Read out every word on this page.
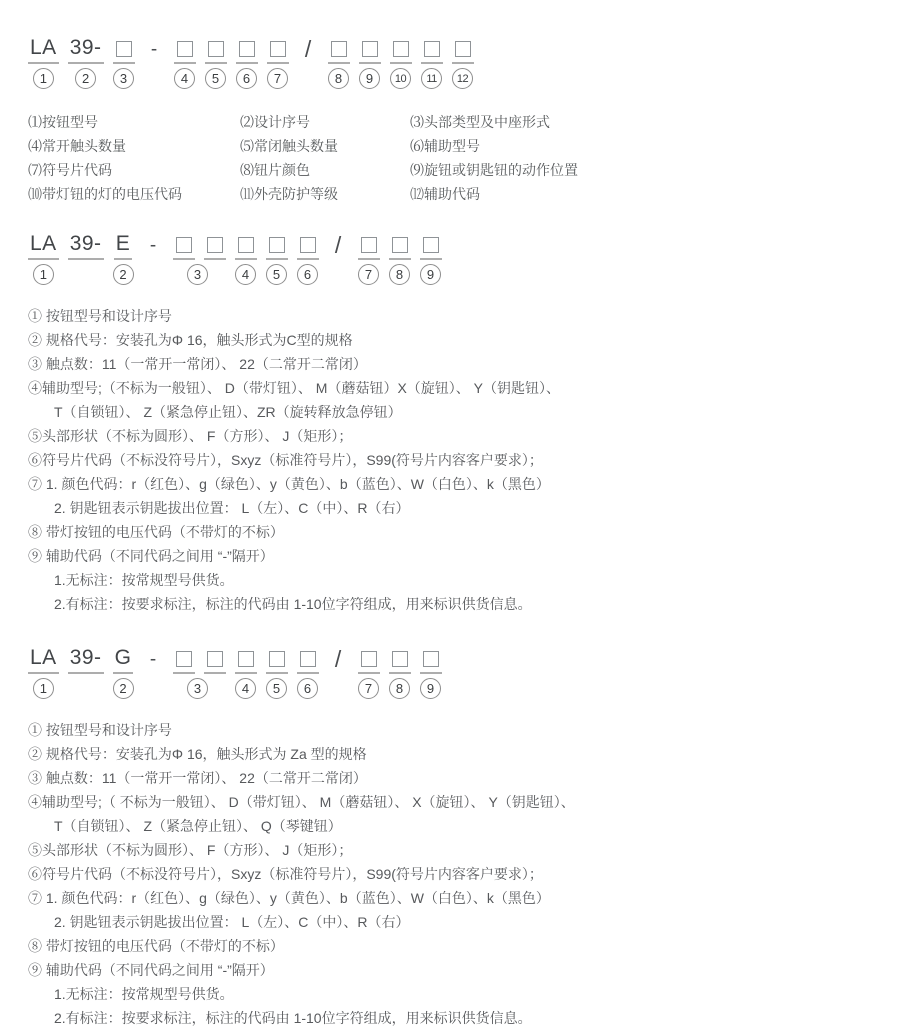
LA
1
39-
2	3
-
4	5	6	7
/
8	9	10	11	12
⑴按钮型号	⑵设计序号	⑶头部类型及中座形式
⑷常开触头数量	⑸常闭触头数量	⑹辅助型号
⑺符号片代码	⑻钮片颜色	⑼旋钮或钥匙钮的动作位置
⑽带灯钮的灯的电压代码	⑾外壳防护等级	⑿辅助代码
LA
1
39- E
2
-
3	4	5	6
/
7	8	9
① 按钮型号和设计序号
② 规格代号：安装孔为Φ 16，触头形式为C型的规格
③ 触点数：11（一常开一常闭）、 22（二常开二常闭）
④辅助型号;（不标为一般钮）、 D（带灯钮）、 M（蘑菇钮）X（旋钮）、 Y（钥匙钮）、
T（自锁钮）、 Z（紧急停止钮）、ZR（旋转释放急停钮）
⑤头部形状（不标为圆形）、 F（方形）、 J（矩形）；
⑥符号片代码（不标没符号片），Sxyz（标准符号片），S99(符号片内容客户要求）；
⑦ 1. 颜色代码：r（红色）、g（绿色）、y（黄色）、b（蓝色）、W（白色）、k（黑色）
2. 钥匙钮表示钥匙拔出位置： L（左）、C（中）、R（右）
⑧ 带灯按钮的电压代码（不带灯的不标）
⑨ 辅助代码（不同代码之间用 “-”隔开）
1.无标注：按常规型号供货。
2.有标注：按要求标注，标注的代码由 1-10位字符组成，用来标识供货信息。
LA
1
39- G
2
-
3	4	5	6
/
7	8	9
① 按钮型号和设计序号
② 规格代号：安装孔为Φ 16，触头形式为 Za 型的规格
③ 触点数：11（一常开一常闭）、 22（二常开二常闭）
④辅助型号;（ 不标为一般钮）、 D（带灯钮）、 M（蘑菇钮）、 X（旋钮）、 Y（钥匙钮）、
T（自锁钮）、 Z（紧急停止钮）、 Q（琴键钮）
⑤头部形状（不标为圆形）、 F（方形）、 J（矩形）；
⑥符号片代码（不标没符号片），Sxyz（标准符号片），S99(符号片内容客户要求）；
⑦ 1. 颜色代码：r（红色）、g（绿色）、y（黄色）、b（蓝色）、W（白色）、k（黑色）
2. 钥匙钮表示钥匙拔出位置： L（左）、C（中）、R（右）
⑧ 带灯按钮的电压代码（不带灯的不标）
⑨ 辅助代码（不同代码之间用 “-”隔开）
1.无标注：按常规型号供货。
2.有标注：按要求标注，标注的代码由 1-10位字符组成，用来标识供货信息。
